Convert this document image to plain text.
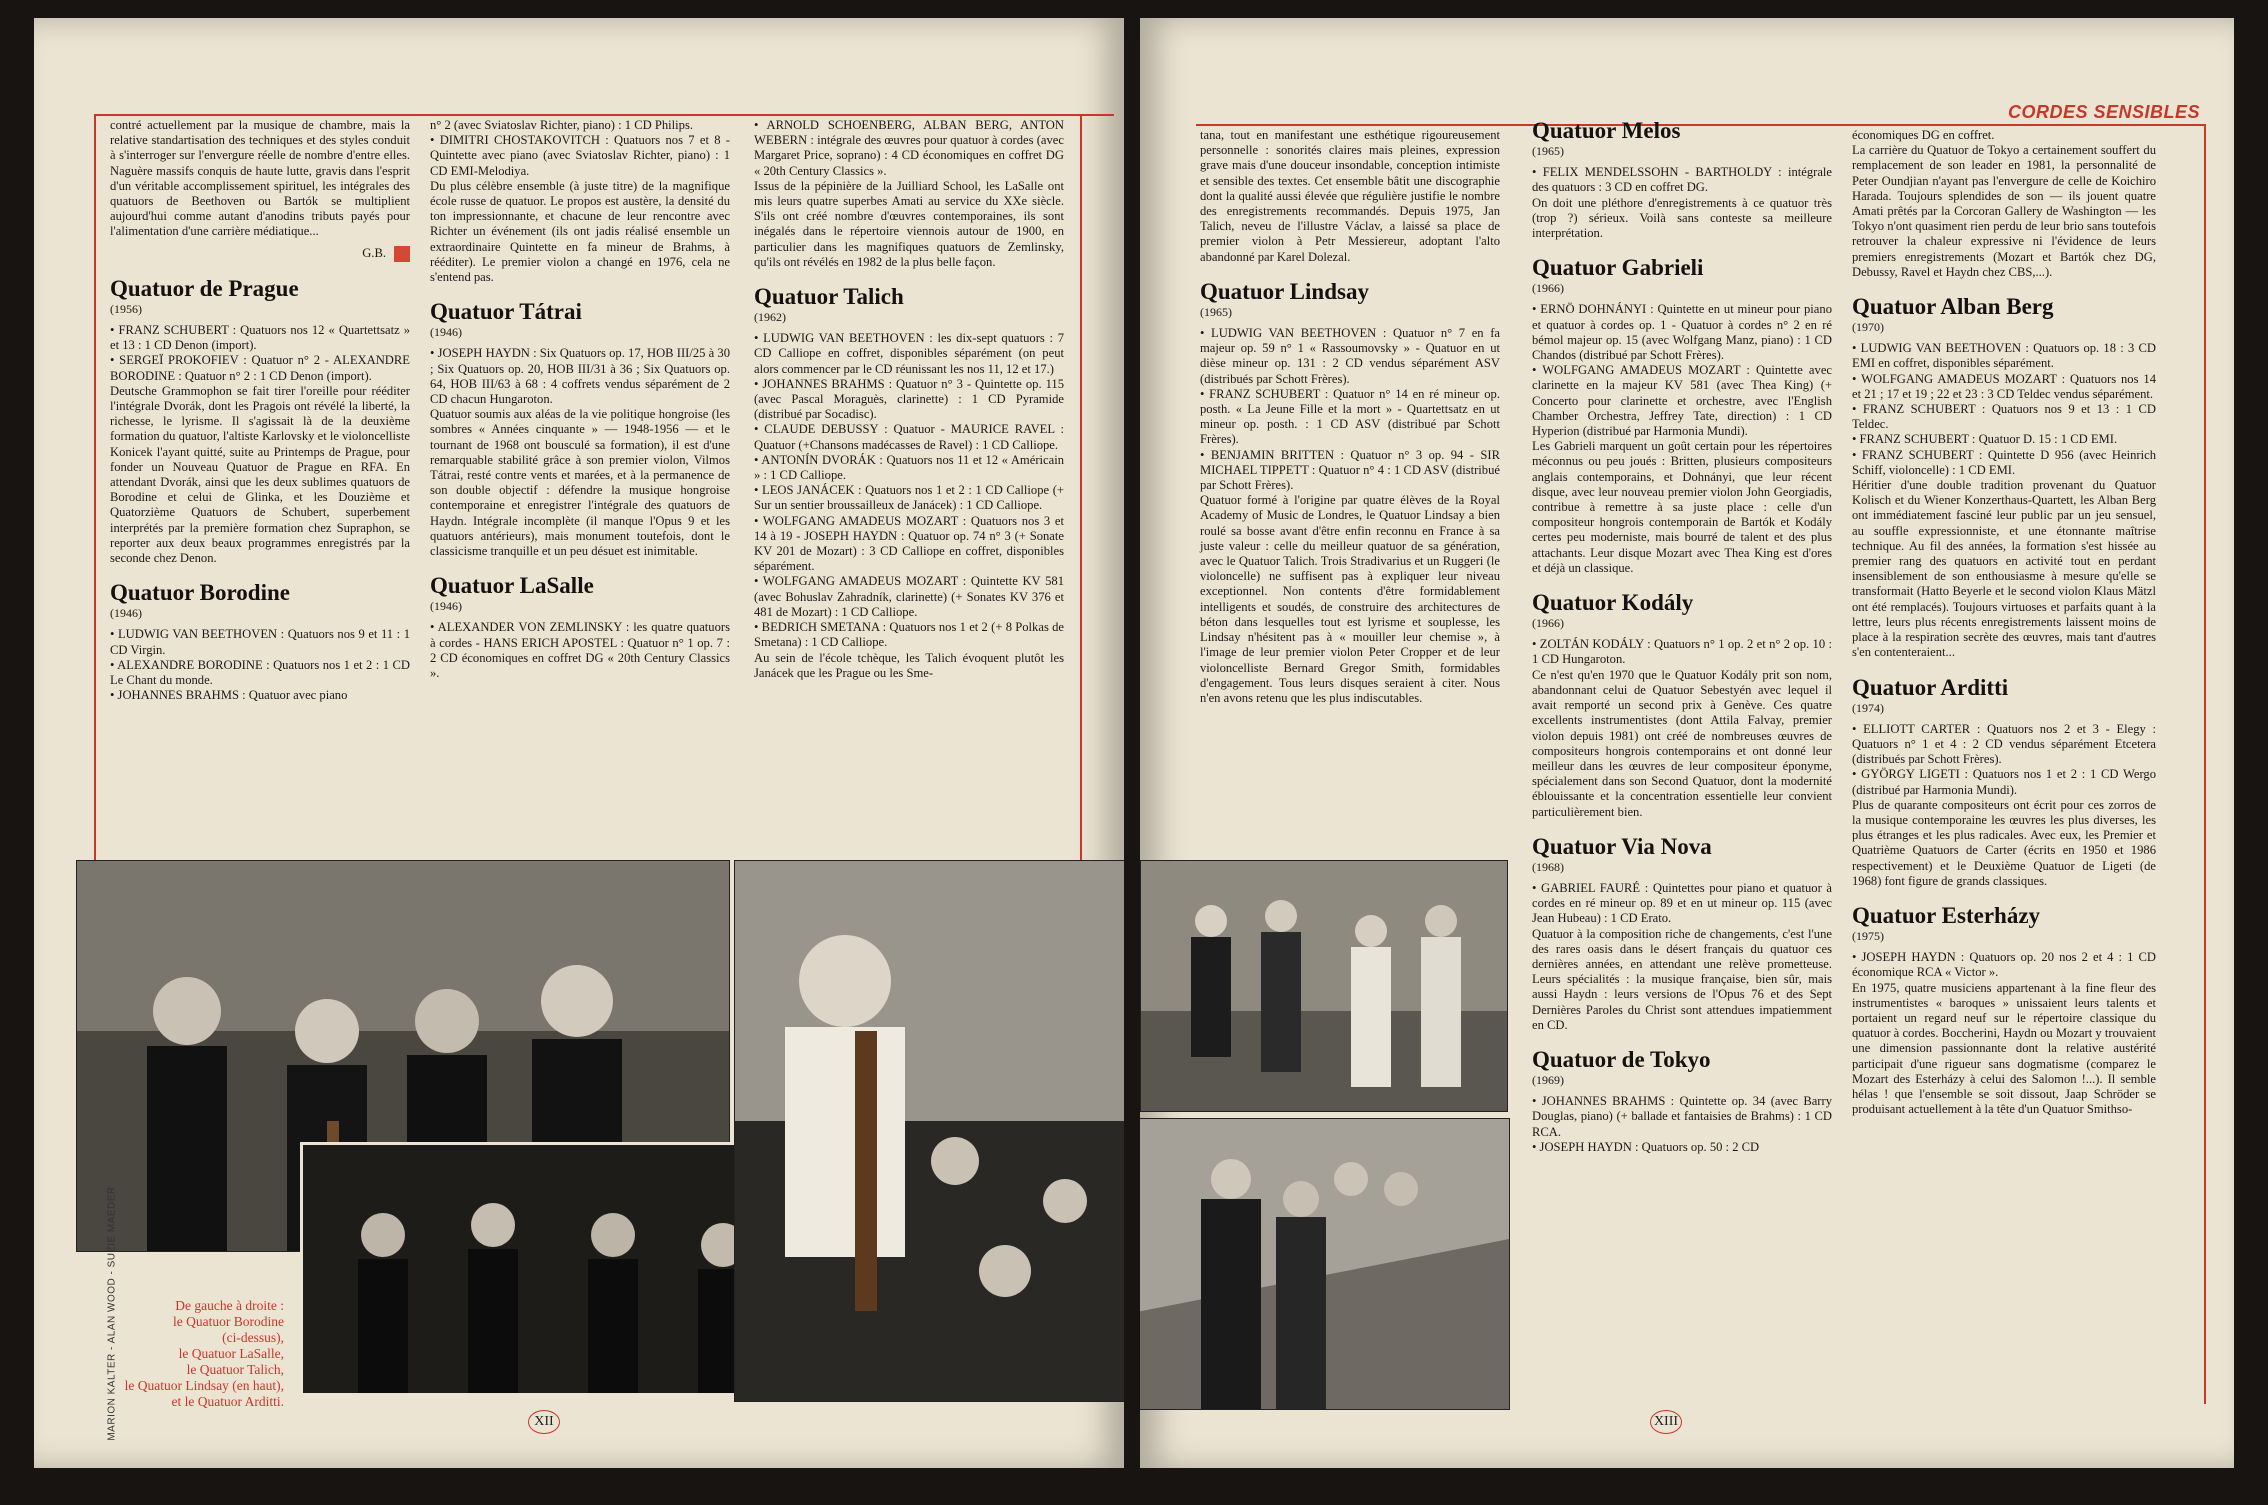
contré actuellement par la musique de chambre, mais la relative standartisation des techniques et des styles conduit à s'interroger sur l'envergure réelle de nombre d'entre elles. Naguère massifs conquis de haute lutte, gravis dans l'esprit d'un véritable accomplissement spirituel, les intégrales des quatuors de Beethoven ou Bartók se multiplient aujourd'hui comme autant d'anodins tributs payés pour l'alimentation d'une carrière médiatique...

G.B.
Quatuor de Prague
(1956)

• FRANZ SCHUBERT : Quatuors nos 12 « Quartettsatz » et 13 : 1 CD Denon (import).

• SERGEÏ PROKOFIEV : Quatuor n° 2 - ALEXANDRE BORODINE : Quatuor n° 2 : 1 CD Denon (import).

Deutsche Grammophon se fait tirer l'oreille pour rééditer l'intégrale Dvorák, dont les Pragois ont révélé la liberté, la richesse, le lyrisme. Il s'agissait là de la deuxième formation du quatuor, l'altiste Karlovsky et le violoncelliste Konicek l'ayant quitté, suite au Printemps de Prague, pour fonder un Nouveau Quatuor de Prague en RFA. En attendant Dvorák, ainsi que les deux sublimes quatuors de Borodine et celui de Glinka, et les Douzième et Quatorzième Quatuors de Schubert, superbement interprétés par la première formation chez Supraphon, se reporter aux deux beaux programmes enregistrés par la seconde chez Denon.

Quatuor Borodine
(1946)

• LUDWIG VAN BEETHOVEN : Quatuors nos 9 et 11 : 1 CD Virgin.

• ALEXANDRE BORODINE : Quatuors nos 1 et 2 : 1 CD Le Chant du monde.

• JOHANNES BRAHMS : Quatuor avec piano

n° 2 (avec Sviatoslav Richter, piano) : 1 CD Philips.

• DIMITRI CHOSTAKOVITCH : Quatuors nos 7 et 8 - Quintette avec piano (avec Sviatoslav Richter, piano) : 1 CD EMI-Melodiya.

Du plus célèbre ensemble (à juste titre) de la magnifique école russe de quatuor. Le propos est austère, la densité du ton impressionnante, et chacune de leur rencontre avec Richter un événement (ils ont jadis réalisé ensemble un extraordinaire Quintette en fa mineur de Brahms, à rééditer). Le premier violon a changé en 1976, cela ne s'entend pas.

Quatuor Tátrai
(1946)

• JOSEPH HAYDN : Six Quatuors op. 17, HOB III/25 à 30 ; Six Quatuors op. 20, HOB III/31 à 36 ; Six Quatuors op. 64, HOB III/63 à 68 : 4 coffrets vendus séparément de 2 CD chacun Hungaroton.

Quatuor soumis aux aléas de la vie politique hongroise (les sombres « Années cinquante » — 1948-1956 — et le tournant de 1968 ont bousculé sa formation), il est d'une remarquable stabilité grâce à son premier violon, Vilmos Tátrai, resté contre vents et marées, et à la permanence de son double objectif : défendre la musique hongroise contemporaine et enregistrer l'intégrale des quatuors de Haydn. Intégrale incomplète (il manque l'Opus 9 et les quatuors antérieurs), mais monument toutefois, dont le classicisme tranquille et un peu désuet est inimitable.

Quatuor LaSalle
(1946)

• ALEXANDER VON ZEMLINSKY : les quatre quatuors à cordes - HANS ERICH APOSTEL : Quatuor n° 1 op. 7 : 2 CD économiques en coffret DG « 20th Century Classics ».

• ARNOLD SCHOENBERG, ALBAN BERG, ANTON WEBERN : intégrale des œuvres pour quatuor à cordes (avec Margaret Price, soprano) : 4 CD économiques en coffret DG « 20th Century Classics ».

Issus de la pépinière de la Juilliard School, les LaSalle ont mis leurs quatre superbes Amati au service du XXe siècle. S'ils ont créé nombre d'œuvres contemporaines, ils sont inégalés dans le répertoire viennois autour de 1900, en particulier dans les magnifiques quatuors de Zemlinsky, qu'ils ont révélés en 1982 de la plus belle façon.

Quatuor Talich
(1962)

• LUDWIG VAN BEETHOVEN : les dix-sept quatuors : 7 CD Calliope en coffret, disponibles séparément (on peut alors commencer par le CD réunissant les nos 11, 12 et 17.)

• JOHANNES BRAHMS : Quatuor n° 3 - Quintette op. 115 (avec Pascal Moraguès, clarinette) : 1 CD Pyramide (distribué par Socadisc).

• CLAUDE DEBUSSY : Quatuor - MAURICE RAVEL : Quatuor (+Chansons madécasses de Ravel) : 1 CD Calliope.

• ANTONÍN DVORÁK : Quatuors nos 11 et 12 « Américain » : 1 CD Calliope.

• LEOS JANÁCEK : Quatuors nos 1 et 2 : 1 CD Calliope (+ Sur un sentier broussailleux de Janácek) : 1 CD Calliope.

• WOLFGANG AMADEUS MOZART : Quatuors nos 3 et 14 à 19 - JOSEPH HAYDN : Quatuor op. 74 n° 3 (+ Sonate KV 201 de Mozart) : 3 CD Calliope en coffret, disponibles séparément.

• WOLFGANG AMADEUS MOZART : Quintette KV 581 (avec Bohuslav Zahradník, clarinette) (+ Sonates KV 376 et 481 de Mozart) : 1 CD Calliope.

• BEDRICH SMETANA : Quatuors nos 1 et 2 (+ 8 Polkas de Smetana) : 1 CD Calliope.

Au sein de l'école tchèque, les Talich évoquent plutôt les Janácek que les Prague ou les Sme-

De gauche à droite :
le Quatuor Borodine
(ci-dessus),
le Quatuor LaSalle,
le Quatuor Talich,
le Quatuor Lindsay (en haut),
et le Quatuor Arditti.
MARION KALTER - ALAN WOOD - SUZIE MAEDER	XII
CORDES SENSIBLES

tana, tout en manifestant une esthétique rigoureusement personnelle : sonorités claires mais pleines, expression grave mais d'une douceur insondable, conception intimiste et sensible des textes. Cet ensemble bâtit une discographie dont la qualité aussi élevée que régulière justifie le nombre des enregistrements recommandés. Depuis 1975, Jan Talich, neveu de l'illustre Václav, a laissé sa place de premier violon à Petr Messiereur, adoptant l'alto abandonné par Karel Dolezal.

Quatuor Lindsay
(1965)

• LUDWIG VAN BEETHOVEN : Quatuor n° 7 en fa majeur op. 59 n° 1 « Rassoumovsky » - Quatuor en ut dièse mineur op. 131 : 2 CD vendus séparément ASV (distribués par Schott Frères).

• FRANZ SCHUBERT : Quatuor n° 14 en ré mineur op. posth. « La Jeune Fille et la mort » - Quartettsatz en ut mineur op. posth. : 1 CD ASV (distribué par Schott Frères).

• BENJAMIN BRITTEN : Quatuor n° 3 op. 94 - SIR MICHAEL TIPPETT : Quatuor n° 4 : 1 CD ASV (distribué par Schott Frères).

Quatuor formé à l'origine par quatre élèves de la Royal Academy of Music de Londres, le Quatuor Lindsay a bien roulé sa bosse avant d'être enfin reconnu en France à sa juste valeur : celle du meilleur quatuor de sa génération, avec le Quatuor Talich. Trois Stradivarius et un Ruggeri (le violoncelle) ne suffisent pas à expliquer leur niveau exceptionnel. Non contents d'être formidablement intelligents et soudés, de construire des architectures de béton dans lesquelles tout est lyrisme et souplesse, les Lindsay n'hésitent pas à « mouiller leur chemise », à l'image de leur premier violon Peter Cropper et de leur violoncelliste Bernard Gregor Smith, formidables d'engagement. Tous leurs disques seraient à citer. Nous n'en avons retenu que les plus indiscutables.

Quatuor Melos
(1965)

• FELIX MENDELSSOHN - BARTHOLDY : intégrale des quatuors : 3 CD en coffret DG.

On doit une pléthore d'enregistrements à ce quatuor très (trop ?) sérieux. Voilà sans conteste sa meilleure interprétation.

Quatuor Gabrieli
(1966)

• ERNÖ DOHNÁNYI : Quintette en ut mineur pour piano et quatuor à cordes op. 1 - Quatuor à cordes n° 2 en ré bémol majeur op. 15 (avec Wolfgang Manz, piano) : 1 CD Chandos (distribué par Schott Frères).

• WOLFGANG AMADEUS MOZART : Quintette avec clarinette en la majeur KV 581 (avec Thea King) (+ Concerto pour clarinette et orchestre, avec l'English Chamber Orchestra, Jeffrey Tate, direction) : 1 CD Hyperion (distribué par Harmonia Mundi).

Les Gabrieli marquent un goût certain pour les répertoires méconnus ou peu joués : Britten, plusieurs compositeurs anglais contemporains, et Dohnányi, que leur récent disque, avec leur nouveau premier violon John Georgiadis, contribue à remettre à sa juste place : celle d'un compositeur hongrois contemporain de Bartók et Kodály certes peu moderniste, mais bourré de talent et des plus attachants. Leur disque Mozart avec Thea King est d'ores et déjà un classique.

Quatuor Kodály
(1966)

• ZOLTÁN KODÁLY : Quatuors n° 1 op. 2 et n° 2 op. 10 : 1 CD Hungaroton.

Ce n'est qu'en 1970 que le Quatuor Kodály prit son nom, abandonnant celui de Quatuor Sebestyén avec lequel il avait remporté un second prix à Genève. Ces quatre excellents instrumentistes (dont Attila Falvay, premier violon depuis 1981) ont créé de nombreuses œuvres de compositeurs hongrois contemporains et ont donné leur meilleur dans les œuvres de leur compositeur éponyme, spécialement dans son Second Quatuor, dont la modernité éblouissante et la concentration essentielle leur convient particulièrement bien.

Quatuor Via Nova
(1968)

• GABRIEL FAURÉ : Quintettes pour piano et quatuor à cordes en ré mineur op. 89 et en ut mineur op. 115 (avec Jean Hubeau) : 1 CD Erato.

Quatuor à la composition riche de changements, c'est l'une des rares oasis dans le désert français du quatuor ces dernières années, en attendant une relève prometteuse. Leurs spécialités : la musique française, bien sûr, mais aussi Haydn : leurs versions de l'Opus 76 et des Sept Dernières Paroles du Christ sont attendues impatiemment en CD.

Quatuor de Tokyo
(1969)

• JOHANNES BRAHMS : Quintette op. 34 (avec Barry Douglas, piano) (+ ballade et fantaisies de Brahms) : 1 CD RCA.

• JOSEPH HAYDN : Quatuors op. 50 : 2 CD

économiques DG en coffret.

La carrière du Quatuor de Tokyo a certainement souffert du remplacement de son leader en 1981, la personnalité de Peter Oundjian n'ayant pas l'envergure de celle de Koichiro Harada. Toujours splendides de son — ils jouent quatre Amati prêtés par la Corcoran Gallery de Washington — les Tokyo n'ont quasiment rien perdu de leur brio sans toutefois retrouver la chaleur expressive ni l'évidence de leurs premiers enregistrements (Mozart et Bartók chez DG, Debussy, Ravel et Haydn chez CBS,...).

Quatuor Alban Berg
(1970)

• LUDWIG VAN BEETHOVEN : Quatuors op. 18 : 3 CD EMI en coffret, disponibles séparément.

• WOLFGANG AMADEUS MOZART : Quatuors nos 14 et 21 ; 17 et 19 ; 22 et 23 : 3 CD Teldec vendus séparément.

• FRANZ SCHUBERT : Quatuors nos 9 et 13 : 1 CD Teldec.

• FRANZ SCHUBERT : Quatuor D. 15 : 1 CD EMI.

• FRANZ SCHUBERT : Quintette D 956 (avec Heinrich Schiff, violoncelle) : 1 CD EMI.

Héritier d'une double tradition provenant du Quatuor Kolisch et du Wiener Konzerthaus-Quartett, les Alban Berg ont immédiatement fasciné leur public par un jeu sensuel, au souffle expressionniste, et une étonnante maîtrise technique. Au fil des années, la formation s'est hissée au premier rang des quatuors en activité tout en perdant insensiblement de son enthousiasme à mesure qu'elle se transformait (Hatto Beyerle et le second violon Klaus Mätzl ont été remplacés). Toujours virtuoses et parfaits quant à la lettre, leurs plus récents enregistrements laissent moins de place à la respiration secrète des œuvres, mais tant d'autres s'en contenteraient...

Quatuor Arditti
(1974)

• ELLIOTT CARTER : Quatuors nos 2 et 3 - Elegy : Quatuors n° 1 et 4 : 2 CD vendus séparément Etcetera (distribués par Schott Frères).

• GYÖRGY LIGETI : Quatuors nos 1 et 2 : 1 CD Wergo (distribué par Harmonia Mundi).

Plus de quarante compositeurs ont écrit pour ces zorros de la musique contemporaine les œuvres les plus diverses, les plus étranges et les plus radicales. Avec eux, les Premier et Quatrième Quatuors de Carter (écrits en 1950 et 1986 respectivement) et le Deuxième Quatuor de Ligeti (de 1968) font figure de grands classiques.

Quatuor Esterházy
(1975)

• JOSEPH HAYDN : Quatuors op. 20 nos 2 et 4 : 1 CD économique RCA « Victor ».

En 1975, quatre musiciens appartenant à la fine fleur des instrumentistes « baroques » unissaient leurs talents et portaient un regard neuf sur le répertoire classique du quatuor à cordes. Boccherini, Haydn ou Mozart y trouvaient une dimension passionnante dont la relative austérité participait d'une rigueur sans dogmatisme (comparez le Mozart des Esterházy à celui des Salomon !...). Il semble hélas ! que l'ensemble se soit dissout, Jaap Schröder se produisant actuellement à la tête d'un Quatuor Smithso-

XIII
